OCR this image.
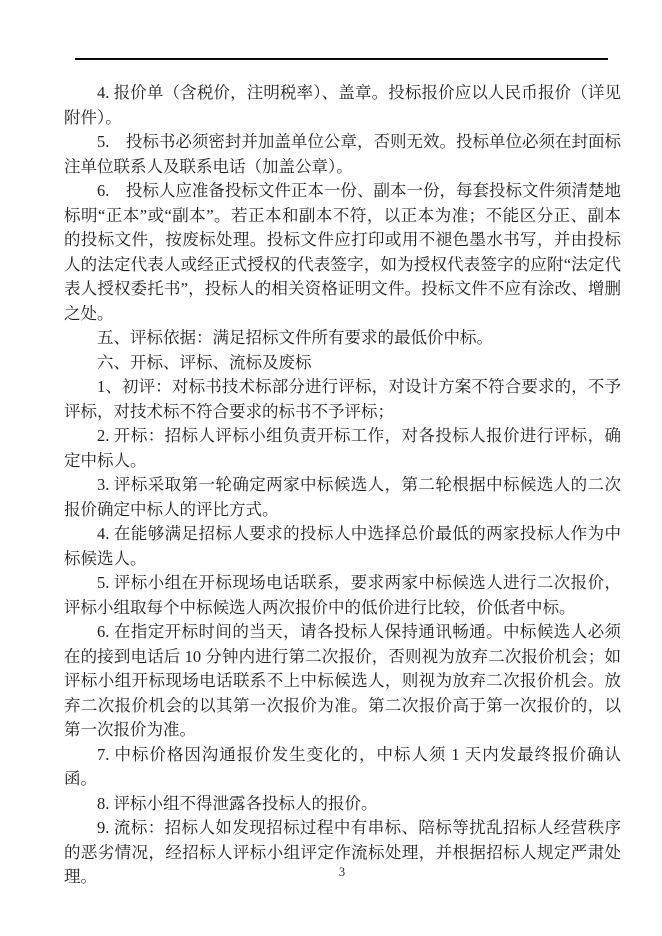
4. 报价单（含税价，注明税率）、盖章。投标报价应以人民币报价（详见附件）。

5.　投标书必须密封并加盖单位公章，否则无效。投标单位必须在封面标注单位联系人及联系电话（加盖公章）。

6.　投标人应准备投标文件正本一份、副本一份，每套投标文件须清楚地标明“正本”或“副本”。若正本和副本不符，以正本为准；不能区分正、副本的投标文件，按废标处理。投标文件应打印或用不褪色墨水书写，并由投标人的法定代表人或经正式授权的代表签字，如为授权代表签字的应附“法定代表人授权委托书”，投标人的相关资格证明文件。投标文件不应有涂改、增删之处。

五、评标依据：满足招标文件所有要求的最低价中标。

六、开标、评标、流标及废标

1、初评：对标书技术标部分进行评标，对设计方案不符合要求的，不予评标，对技术标不符合要求的标书不予评标；

2. 开标：招标人评标小组负责开标工作，对各投标人报价进行评标，确定中标人。

3. 评标采取第一轮确定两家中标候选人，第二轮根据中标候选人的二次报价确定中标人的评比方式。

4. 在能够满足招标人要求的投标人中选择总价最低的两家投标人作为中标候选人。

5. 评标小组在开标现场电话联系，要求两家中标候选人进行二次报价，评标小组取每个中标候选人两次报价中的低价进行比较，价低者中标。

6. 在指定开标时间的当天，请各投标人保持通讯畅通。中标候选人必须在的接到电话后 10 分钟内进行第二次报价，否则视为放弃二次报价机会；如评标小组开标现场电话联系不上中标候选人，则视为放弃二次报价机会。放弃二次报价机会的以其第一次报价为准。第二次报价高于第一次报价的，以第一次报价为准。

7. 中标价格因沟通报价发生变化的，中标人须 1 天内发最终报价确认函。

8. 评标小组不得泄露各投标人的报价。

9. 流标：招标人如发现招标过程中有串标、陪标等扰乱招标人经营秩序的恶劣情况，经招标人评标小组评定作流标处理，并根据招标人规定严肃处理。	3
